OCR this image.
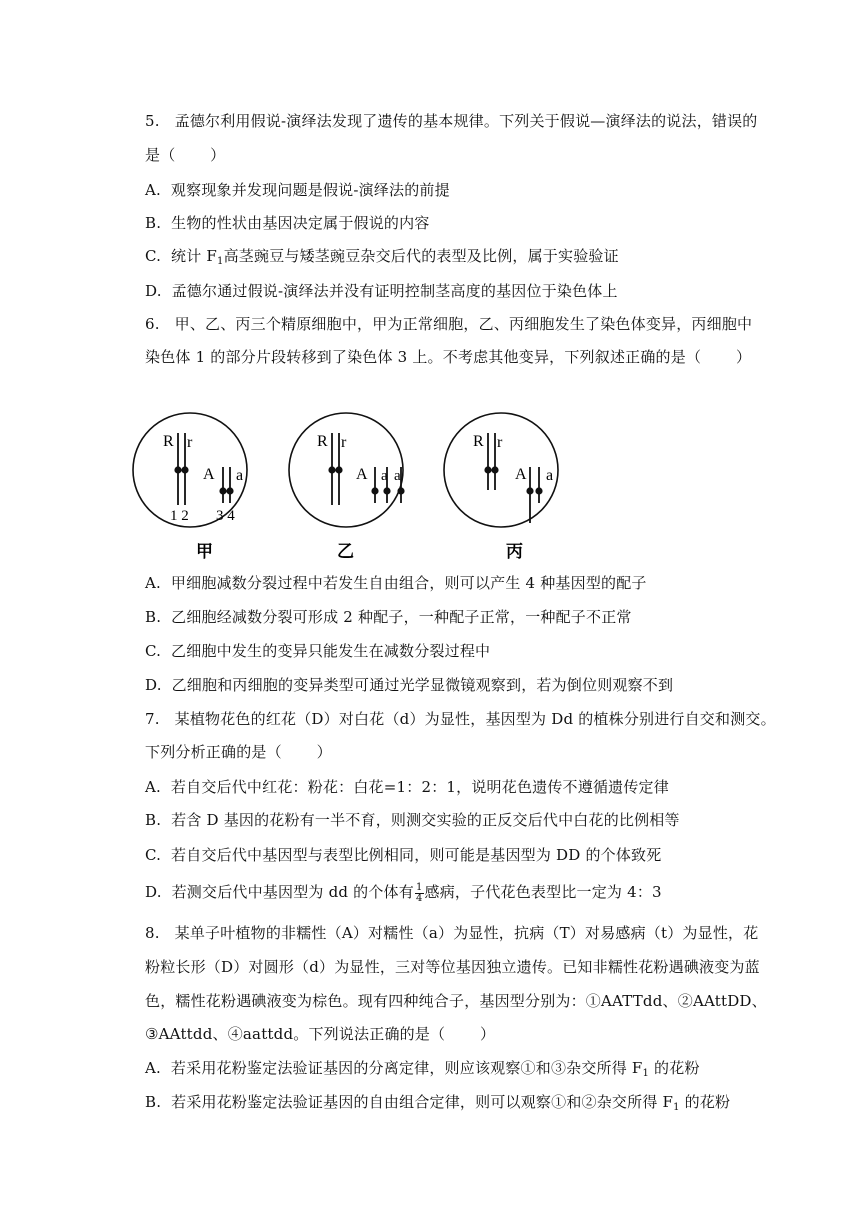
5.   孟德尔利用假说-演绎法发现了遗传的基本规律。下列关于假说—演绎法的说法，错误的
是（       ）
A.  观察现象并发现问题是假说-演绎法的前提
B.  生物的性状由基因决定属于假说的内容
C.  统计 $F_1$高茎豌豆与矮茎豌豆杂交后代的表型及比例，属于实验验证
D.  孟德尔通过假说-演绎法并没有证明控制茎高度的基因位于染色体上
6.   甲、乙、丙三个精原细胞中，甲为正常细胞，乙、丙细胞发生了染色体变异，丙细胞中
染色体 1 的部分片段转移到了染色体 3 上。不考虑其他变异，下列叙述正确的是（       ）
R r
A a
1 2 3 4
甲
R r
A a a
乙
R r
A a
丙
A.  甲细胞减数分裂过程中若发生自由组合，则可以产生 4 种基因型的配子
B.  乙细胞经减数分裂可形成 2 种配子，一种配子正常，一种配子不正常
C.  乙细胞中发生的变异只能发生在减数分裂过程中
D.  乙细胞和丙细胞的变异类型可通过光学显微镜观察到，若为倒位则观察不到
7.   某植物花色的红花（D）对白花（d）为显性，基因型为 Dd 的植株分别进行自交和测交。
下列分析正确的是（       ）
A.  若自交后代中红花：粉花：白花=1：2：1，说明花色遗传不遵循遗传定律
B.  若含 D 基因的花粉有一半不育，则测交实验的正反交后代中白花的比例相等
C.  若自交后代中基因型与表型比例相同，则可能是基因型为 DD 的个体致死
D.  若测交后代中基因型为 dd 的个体有 $\frac{1}{4}$ 感病，子代花色表型比一定为 4：3
8.   某单子叶植物的非糯性（A）对糯性（a）为显性，抗病（T）对易感病（t）为显性，花
粉粒长形（D）对圆形（d）为显性，三对等位基因独立遗传。已知非糯性花粉遇碘液变为蓝
色，糯性花粉遇碘液变为棕色。现有四种纯合子，基因型分别为：①AATTdd、②AAttDD、
③AAttdd、④aattdd。下列说法正确的是（       ）
A.  若采用花粉鉴定法验证基因的分离定律，则应该观察①和③杂交所得 $F_1$ 的花粉
B.  若采用花粉鉴定法验证基因的自由组合定律，则可以观察①和②杂交所得 $F_1$ 的花粉
